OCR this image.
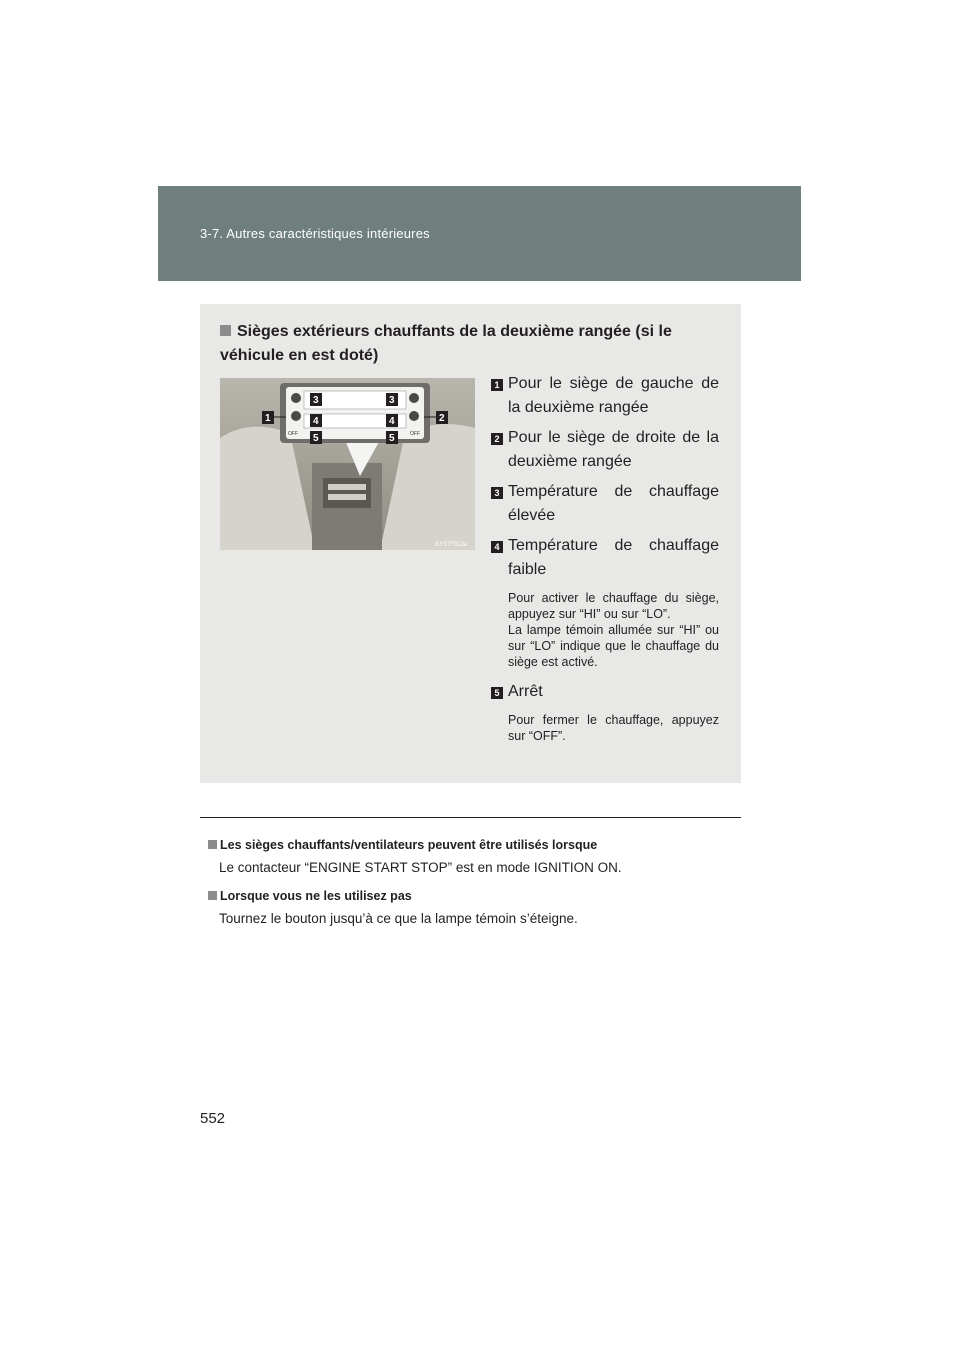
3-7. Autres caractéristiques intérieures
Sièges extérieurs chauffants de la deuxième rangée (si le véhicule en est doté)
OFF	OFF
3	3
4	4
5	5
1	2
ILY37F012a
1 Pour le siège de gauche de la deuxième rangée
2 Pour le siège de droite de la deuxième rangée
3 Température de chauffage élevée
4 Température de chauffage faible
Pour activer le chauffage du siège, appuyez sur “HI” ou sur “LO”.
La lampe témoin allumée sur “HI” ou sur “LO” indique que le chauffage du siège est activé.
5 Arrêt
Pour fermer le chauffage, appuyez sur “OFF”.
Les sièges chauffants/ventilateurs peuvent être utilisés lorsque
Le contacteur “ENGINE START STOP” est en mode IGNITION ON.
Lorsque vous ne les utilisez pas
Tournez le bouton jusqu’à ce que la lampe témoin s’éteigne.
552
